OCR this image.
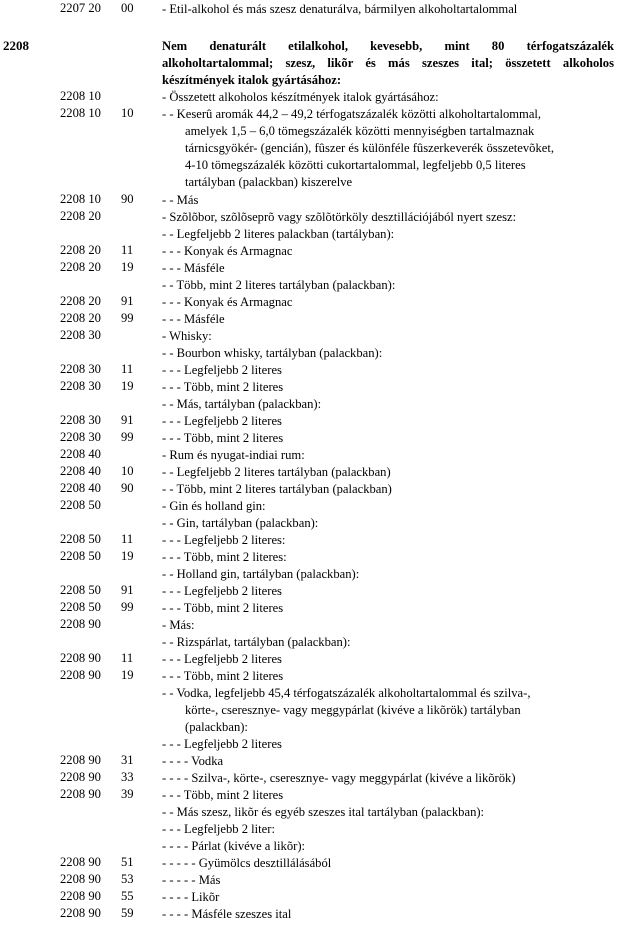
2207 20 00 - Etil-alkohol és más szesz denaturálva, bármilyen alkoholtartalommal
2208	Nem denaturált etilalkohol, kevesebb, mint 80 térfogatszázalék
alkoholtartalommal; szesz, likõr és más szeszes ital; összetett alkoholos
készítmények italok gyártásához:
2208 10	- Összetett alkoholos készítmények italok gyártásához:
2208 10 10 - - Keserû aromák 44,2 – 49,2 térfogatszázalék közötti alkoholtartalommal,
amelyek 1,5 – 6,0 tömegszázalék közötti mennyiségben tartalmaznak
tárnicsgyökér- (gencián), fûszer és különféle fûszerkeverék összetevõket,
4-10 tömegszázalék közötti cukortartalommal, legfeljebb 0,5 literes
tartályban (palackban) kiszerelve
2208 10 90 - - Más
2208 20	- Szõlõbor, szõlõseprõ vagy szõlõtörköly desztillációjából nyert szesz:
- - Legfeljebb 2 literes palackban (tartályban):
2208 20 11 - - - Konyak és Armagnac
2208 20 19 - - - Másféle
- - Több, mint 2 literes tartályban (palackban):
2208 20 91 - - - Konyak és Armagnac
2208 20 99 - - - Másféle
2208 30	- Whisky:
- - Bourbon whisky, tartályban (palackban):
2208 30 11 - - - Legfeljebb 2 literes
2208 30 19 - - - Több, mint 2 literes
- - Más, tartályban (palackban):
2208 30 91 - - - Legfeljebb 2 literes
2208 30 99 - - - Több, mint 2 literes
2208 40	- Rum és nyugat-indiai rum:
2208 40 10 - - Legfeljebb 2 literes tartályban (palackban)
2208 40 90 - - Több, mint 2 literes tartályban (palackban)
2208 50	- Gin és holland gin:
- - Gin, tartályban (palackban):
2208 50 11 - - - Legfeljebb 2 literes:
2208 50 19 - - - Több, mint 2 literes:
- - Holland gin, tartályban (palackban):
2208 50 91 - - - Legfeljebb 2 literes
2208 50 99 - - - Több, mint 2 literes
2208 90	- Más:
- - Rizspárlat, tartályban (palackban):
2208 90 11 - - - Legfeljebb 2 literes
2208 90 19 - - - Több, mint 2 literes
- - Vodka, legfeljebb 45,4 térfogatszázalék alkoholtartalommal és szilva-,
körte-, cseresznye- vagy meggypárlat (kivéve a likõrök) tartályban
(palackban):
- - - Legfeljebb 2 literes
2208 90 31 - - - - Vodka
2208 90 33 - - - - Szilva-, körte-, cseresznye- vagy meggypárlat (kivéve a likõrök)
2208 90 39 - - - Több, mint 2 literes
- - Más szesz, likõr és egyéb szeszes ital tartályban (palackban):
- - - Legfeljebb 2 liter:
- - - - Párlat (kivéve a likõr):
2208 90 51 - - - - - Gyümölcs desztillálásából
2208 90 53 - - - - - Más
2208 90 55 - - - - Likõr
2208 90 59 - - - - Másféle szeszes ital
